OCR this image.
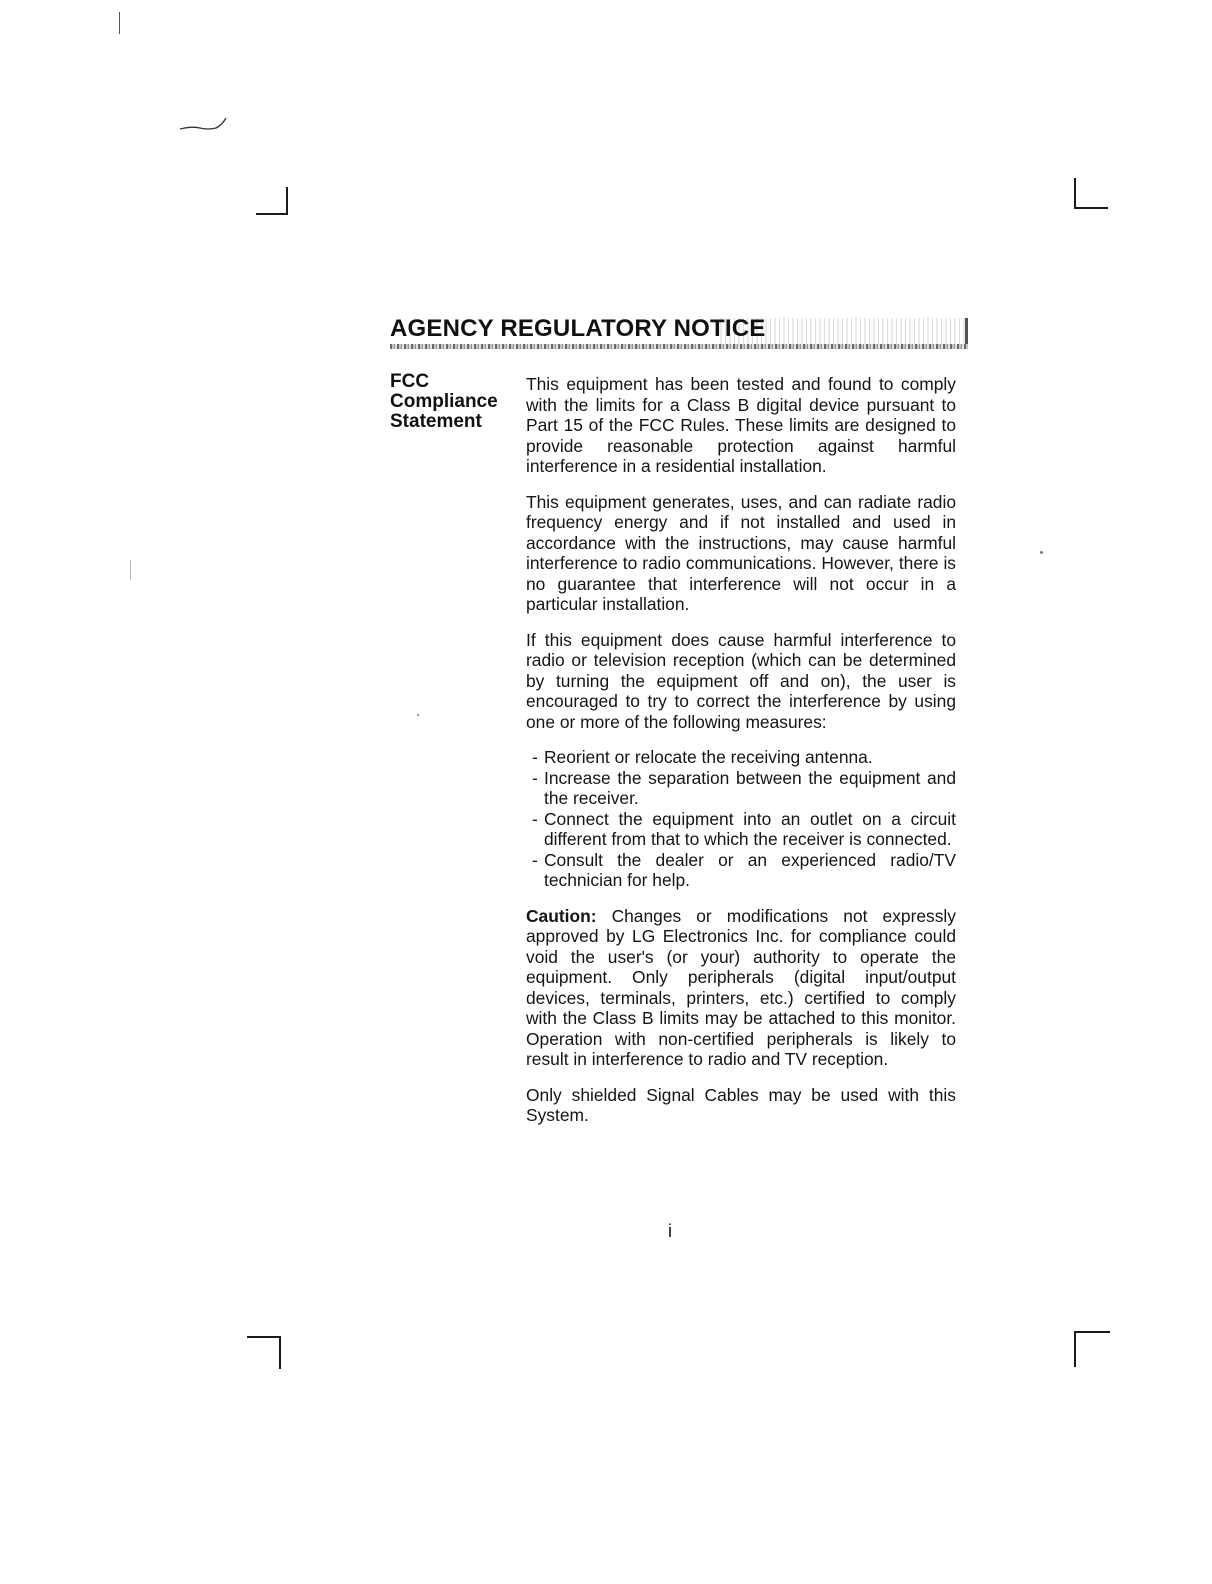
AGENCY REGULATORY NOTICE
FCC
Compliance
Statement

This equipment has been tested and found to comply with the limits for a Class B digital device pursuant to Part 15 of the FCC Rules. These limits are designed to provide reasonable protection against harmful interference in a residential installation.

This equipment generates, uses, and can radiate radio frequency energy and if not installed and used in accordance with the instructions, may cause harmful interference to radio communications. However, there is no guarantee that interference will not occur in a particular installation.

If this equipment does cause harmful interference to radio or television reception (which can be determined by turning the equipment off and on), the user is encouraged to try to correct the interference by using one or more of the following measures:

- Reorient or relocate the receiving antenna.
- Increase the separation between the equipment and the receiver.
- Connect the equipment into an outlet on a circuit different from that to which the receiver is connected.
- Consult the dealer or an experienced radio/TV technician for help.

Caution: Changes or modifications not expressly approved by LG Electronics Inc. for compliance could void the user's (or your) authority to operate the equipment. Only peripherals (digital input/output devices, terminals, printers, etc.) certified to comply with the Class B limits may be attached to this monitor. Operation with non-certified peripherals is likely to result in interference to radio and TV reception.

Only shielded Signal Cables may be used with this System.

i
